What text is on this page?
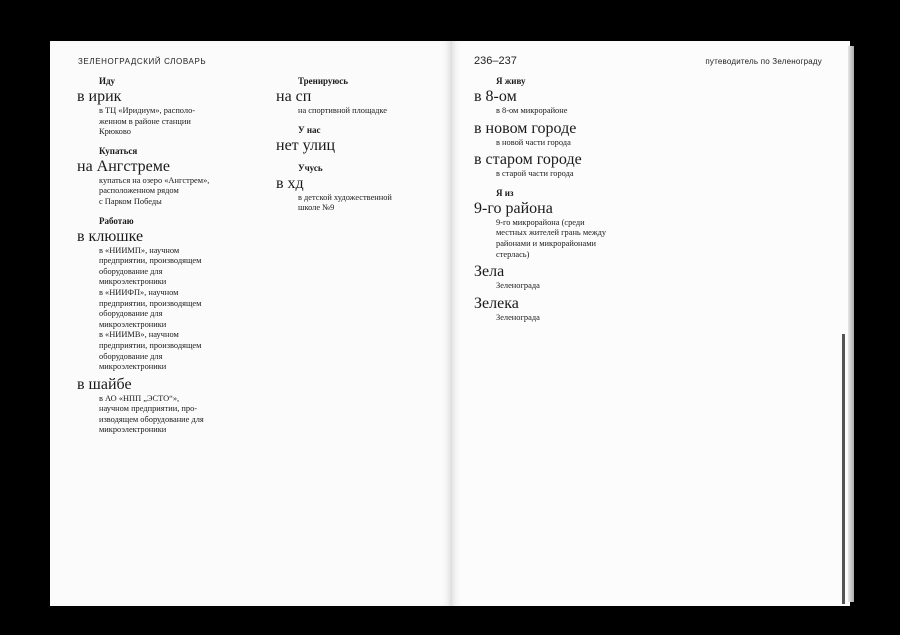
ЗЕЛЕНОГРАДСКИЙ СЛОВАРЬ	236–237	путеводитель по Зеленограду
Иду
в ирик
в ТЦ «Иридиум», располо-
женном в районе станции
Крюково
Купаться
на Ангстреме
купаться на озеро «Ангстрем»,
расположенном рядом
с Парком Победы
Работаю
в клюшке
в «НИИМП», научном
предприятии, производящем
оборудование для
микроэлектроники
в «НИИФП», научном
предприятии, производящем
оборудование для
микроэлектроники
в «НИИМВ», научном
предприятии, производящем
оборудование для
микроэлектроники
в шайбе
в АО «НПП „ЭСТО“»,
научном предприятии, про-
изводящем оборудование для
микроэлектроники
Тренируюсь
на сп
на спортивной площадке
У нас
нет улиц
Учусь
в хд
в детской художественной
школе №9
Я живу
в 8-ом
в 8-ом микрорайоне
в новом городе
в новой части города
в старом городе
в старой части города
Я из
9-го района
9-го микрорайона (среди
местных жителей грань между
районами и микрорайонами
стерлась)
Зела
Зеленограда
Зелека
Зеленограда
